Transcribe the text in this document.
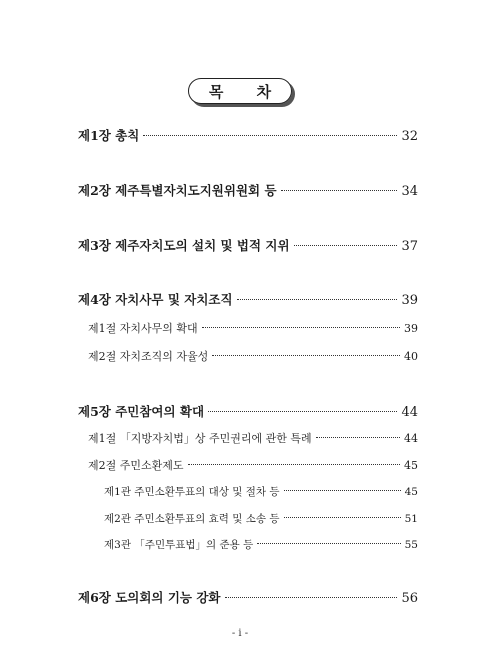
목 차
제1장 총칙	32
제2장 제주특별자치도지원위원회 등	34
제3장 제주자치도의 설치 및 법적 지위	37
제4장 자치사무 및 자치조직	39
제1절 자치사무의 확대	39
제2절 자치조직의 자율성	40
제5장 주민참여의 확대	44
제1절 「지방자치법」상 주민권리에 관한 특례	44
제2절 주민소환제도	45
제1관 주민소환투표의 대상 및 절차 등	45
제2관 주민소환투표의 효력 및 소송 등	51
제3관 「주민투표법」의 준용 등	55
제6장 도의회의 기능 강화	56
- i -
